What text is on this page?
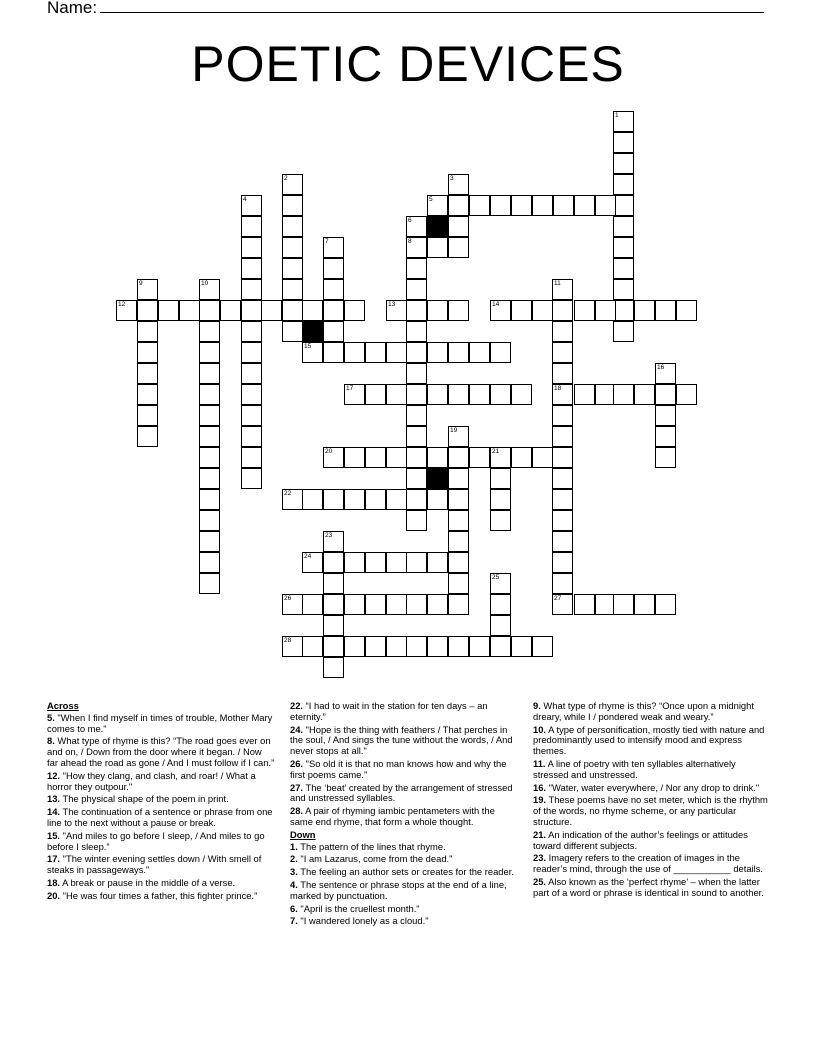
Name:
POETIC DEVICES
1
2	3
4	5
6
7	8
9	10	11
12	13	14
15
16
17	18
19
20	21
22
23
24
25
26	27
28
Across
5. "When I find myself in times of trouble, Mother Mary comes to me."
8. What type of rhyme is this? “The road goes ever on and on, / Down from the door where it began. / Now far ahead the road as gone / And I must follow if I can.”
12. "How they clang, and clash, and roar! / What a horror they outpour."
13. The physical shape of the poem in print.
14. The continuation of a sentence or phrase from one line to the next without a pause or break.
15. "And miles to go before I sleep, / And miles to go before I sleep.”
17. "The winter evening settles down / With smell of steaks in passageways."
18. A break or pause in the middle of a verse.
20. "He was four times a father, this fighter prince."
22. “I had to wait in the station for ten days – an eternity.”
24. "Hope is the thing with feathers / That perches in the soul, / And sings the tune without the words, / And never stops at all."
26. "So old it is that no man knows how and why the first poems came.”
27. The ‘beat’ created by the arrangement of stressed and unstressed syllables.
28. A pair of rhyming iambic pentameters with the same end rhyme, that form a whole thought.
Down
1. The pattern of the lines that rhyme.
2. "I am Lazarus, come from the dead."
3. The feeling an author sets or creates for the reader.
4. The sentence or phrase stops at the end of a line, marked by punctuation.
6. "April is the cruellest month."
7. "I wandered lonely as a cloud."
9. What type of rhyme is this? “Once upon a midnight dreary, while I / pondered weak and weary.”
10. A type of personification, mostly tied with nature and predominantly used to intensify mood and express themes.
11. A line of poetry with ten syllables alternatively stressed and unstressed.
16. "Water, water everywhere, / Nor any drop to drink."
19. These poems have no set meter, which is the rhythm of the words, no rhyme scheme, or any particular structure.
21. An indication of the author’s feelings or attitudes toward different subjects.
23. Imagery refers to the creation of images in the reader’s mind, through the use of ___________ details.
25. Also known as the ‘perfect rhyme’ – when the latter part of a word or phrase is identical in sound to another.
